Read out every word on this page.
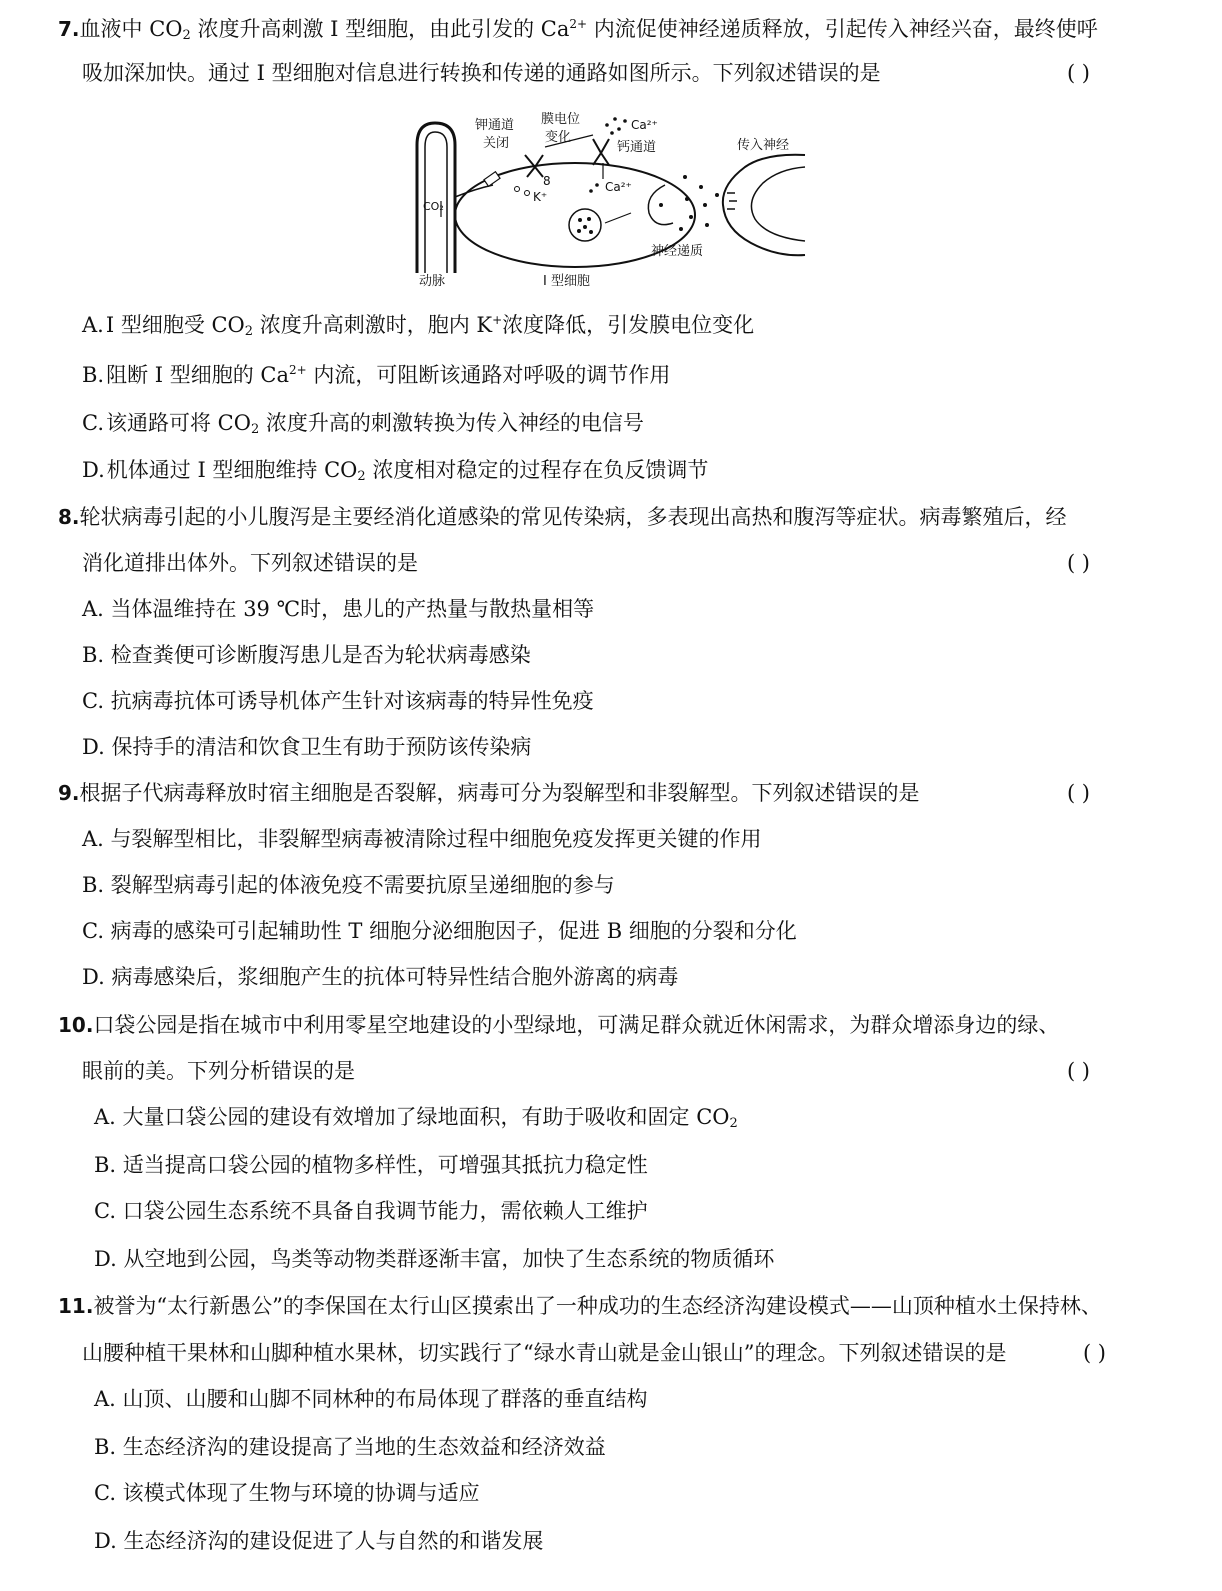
7.血液中 $CO_2$ 浓度升高刺激 I 型细胞，由此引发的 $Ca^{2+}$ 内流促使神经递质释放，引起传入神经兴奋，最终使呼
吸加深加快。通过 I 型细胞对信息进行转换和传递的通路如图所示。下列叙述错误的是	( )
CO₂
钾通道
关闭
膜电位
变化
K⁺
8
Ca²⁺
钙通道
Ca²⁺
神经递质
传入神经
动脉	I 型细胞
A.I 型细胞受 $CO_2$ 浓度升高刺激时，胞内 K+浓度降低，引发膜电位变化
B.阻断 I 型细胞的 $Ca^{2+}$ 内流，可阻断该通路对呼吸的调节作用
C.该通路可将 $CO_2$ 浓度升高的刺激转换为传入神经的电信号
D.机体通过 I 型细胞维持 $CO_2$ 浓度相对稳定的过程存在负反馈调节
8.轮状病毒引起的小儿腹泻是主要经消化道感染的常见传染病，多表现出高热和腹泻等症状。病毒繁殖后，经
消化道排出体外。下列叙述错误的是	( )
A. 当体温维持在 39 ℃时，患儿的产热量与散热量相等
B. 检查粪便可诊断腹泻患儿是否为轮状病毒感染
C. 抗病毒抗体可诱导机体产生针对该病毒的特异性免疫
D. 保持手的清洁和饮食卫生有助于预防该传染病
9.根据子代病毒释放时宿主细胞是否裂解，病毒可分为裂解型和非裂解型。下列叙述错误的是	( )
A. 与裂解型相比，非裂解型病毒被清除过程中细胞免疫发挥更关键的作用
B. 裂解型病毒引起的体液免疫不需要抗原呈递细胞的参与
C. 病毒的感染可引起辅助性 T 细胞分泌细胞因子，促进 B 细胞的分裂和分化
D. 病毒感染后，浆细胞产生的抗体可特异性结合胞外游离的病毒
10.口袋公园是指在城市中利用零星空地建设的小型绿地，可满足群众就近休闲需求，为群众增添身边的绿、
眼前的美。下列分析错误的是	( )
A. 大量口袋公园的建设有效增加了绿地面积，有助于吸收和固定 $CO_2$
B. 适当提高口袋公园的植物多样性，可增强其抵抗力稳定性
C. 口袋公园生态系统不具备自我调节能力，需依赖人工维护
D. 从空地到公园，鸟类等动物类群逐渐丰富，加快了生态系统的物质循环
11.被誉为“太行新愚公”的李保国在太行山区摸索出了一种成功的生态经济沟建设模式——山顶种植水土保持林、
山腰种植干果林和山脚种植水果林，切实践行了“绿水青山就是金山银山”的理念。下列叙述错误的是	( )
A. 山顶、山腰和山脚不同林种的布局体现了群落的垂直结构
B. 生态经济沟的建设提高了当地的生态效益和经济效益
C. 该模式体现了生物与环境的协调与适应
D. 生态经济沟的建设促进了人与自然的和谐发展
